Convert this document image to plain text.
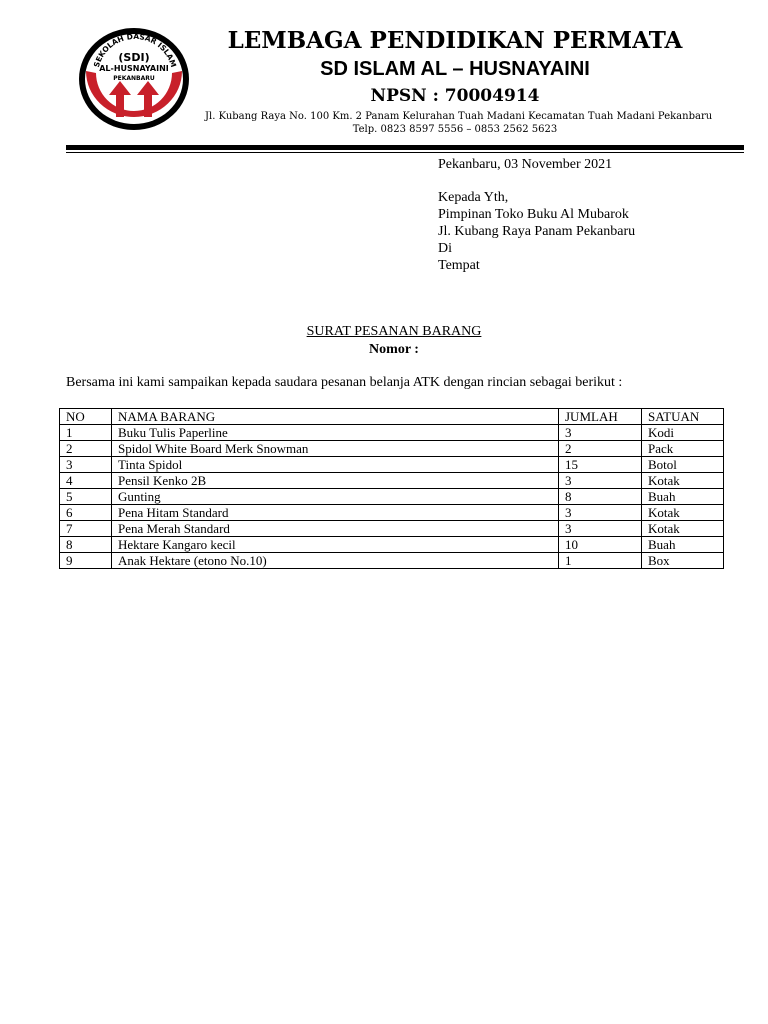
SEKOLAH DASAR ISLAM
(SDI)
AL-HUSNAYAINI
PEKANBARU
LEMBAGA PENDIDIKAN PERMATA
SD ISLAM AL – HUSNAYAINI
NPSN : 70004914
Jl. Kubang Raya No. 100 Km. 2 Panam Kelurahan Tuah Madani Kecamatan Tuah Madani Pekanbaru
Telp. 0823 8597 5556 – 0853 2562 5623
Pekanbaru, 03 November 2021
Kepada Yth,
Pimpinan Toko Buku Al Mubarok
Jl. Kubang Raya Panam Pekanbaru
Di
Tempat
SURAT PESANAN BARANG
Nomor :
Bersama ini kami sampaikan kepada saudara pesanan belanja ATK dengan rincian sebagai berikut :
NO	NAMA BARANG	JUMLAH	SATUAN
1	Buku Tulis Paperline	3	Kodi
2	Spidol White Board Merk Snowman	2	Pack
3	Tinta Spidol	15	Botol
4	Pensil Kenko 2B	3	Kotak
5	Gunting	8	Buah
6	Pena Hitam Standard	3	Kotak
7	Pena Merah Standard	3	Kotak
8	Hektare Kangaro kecil	10	Buah
9	Anak Hektare (etono No.10)	1	Box
